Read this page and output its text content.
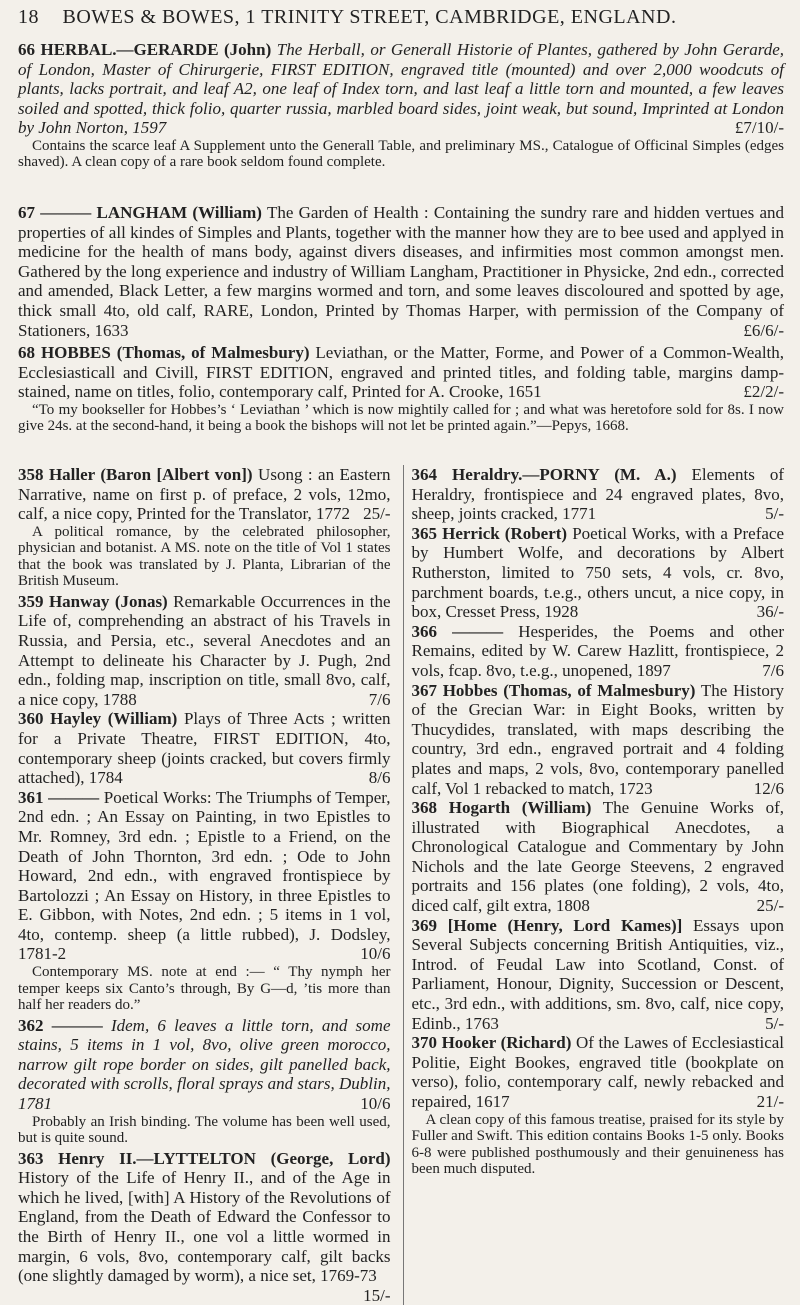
18 BOWES & BOWES, 1 TRINITY STREET, CAMBRIDGE, ENGLAND.

66 HERBAL.—GERARDE (John) The Herball, or Generall Historie of Plantes, gathered by John Gerarde, of London, Master of Chirurgerie, FIRST EDITION, engraved title (mounted) and over 2,000 woodcuts of plants, lacks portrait, and leaf A2, one leaf of Index torn, and last leaf a little torn and mounted, a few leaves soiled and spotted, thick folio, quarter russia, marbled board sides, joint weak, but sound, Imprinted at London by John Norton, 1597	£7/10/-

Contains the scarce leaf A Supplement unto the Generall Table, and preliminary MS., Catalogue of Officinal Simples (edges shaved). A clean copy of a rare book seldom found complete.

67 ——— LANGHAM (William) The Garden of Health : Containing the sundry rare and hidden vertues and properties of all kindes of Simples and Plants, together with the manner how they are to bee used and applyed in medicine for the health of mans body, against divers diseases, and infirmities most common amongst men. Gathered by the long experience and industry of William Langham, Practitioner in Physicke, 2nd edn., corrected and amended, Black Letter, a few margins wormed and torn, and some leaves discoloured and spotted by age, thick small 4to, old calf, RARE, London, Printed by Thomas Harper, with permission of the Company of Stationers, 1633	£6/6/-

68 HOBBES (Thomas, of Malmesbury) Leviathan, or the Matter, Forme, and Power of a Common-Wealth, Ecclesiasticall and Civill, FIRST EDITION, engraved and printed titles, and folding table, margins damp-stained, name on titles, folio, contemporary calf, Printed for A. Crooke, 1651	£2/2/-

“To my bookseller for Hobbes’s ‘ Leviathan ’ which is now mightily called for ; and what was heretofore sold for 8s. I now give 24s. at the second-hand, it being a book the bishops will not let be printed again.”—Pepys, 1668.

358 Haller (Baron [Albert von]) Usong : an Eastern Narrative, name on first p. of preface, 2 vols, 12mo, calf, a nice copy, Printed for the Translator, 1772 25/-

A political romance, by the celebrated philosopher, physician and botanist. A MS. note on the title of Vol 1 states that the book was translated by J. Planta, Librarian of the British Museum.

359 Hanway (Jonas) Remarkable Occurrences in the Life of, comprehending an abstract of his Travels in Russia, and Persia, etc., several Anecdotes and an Attempt to delineate his Character by J. Pugh, 2nd edn., folding map, inscription on title, small 8vo, calf, a nice copy, 1788	7/6

360 Hayley (William) Plays of Three Acts ; written for a Private Theatre, FIRST EDITION, 4to, contemporary sheep (joints cracked, but covers firmly attached), 1784	8/6

361 ——— Poetical Works: The Triumphs of Temper, 2nd edn. ; An Essay on Painting, in two Epistles to Mr. Romney, 3rd edn. ; Epistle to a Friend, on the Death of John Thornton, 3rd edn. ; Ode to John Howard, 2nd edn., with engraved frontispiece by Bartolozzi ; An Essay on History, in three Epistles to E. Gibbon, with Notes, 2nd edn. ; 5 items in 1 vol, 4to, contemp. sheep (a little rubbed), J. Dodsley, 1781-2	10/6

Contemporary MS. note at end :— “ Thy nymph her temper keeps six Canto’s through, By G—d, ’tis more than half her readers do.”

362 ——— Idem, 6 leaves a little torn, and some stains, 5 items in 1 vol, 8vo, olive green morocco, narrow gilt rope border on sides, gilt panelled back, decorated with scrolls, floral sprays and stars, Dublin, 1781	10/6

Probably an Irish binding. The volume has been well used, but is quite sound.

363 Henry II.—LYTTELTON (George, Lord) History of the Life of Henry II., and of the Age in which he lived, [with] A History of the Revolutions of England, from the Death of Edward the Confessor to the Birth of Henry II., one vol a little wormed in margin, 6 vols, 8vo, contemporary calf, gilt backs (one slightly damaged by worm), a nice set, 1769-73
15/-

364 Heraldry.—PORNY (M. A.) Elements of Heraldry, frontispiece and 24 engraved plates, 8vo, sheep, joints cracked, 1771	5/-

365 Herrick (Robert) Poetical Works, with a Preface by Humbert Wolfe, and decorations by Albert Rutherston, limited to 750 sets, 4 vols, cr. 8vo, parchment boards, t.e.g., others uncut, a nice copy, in box, Cresset Press, 1928	36/-

366 ——— Hesperides, the Poems and other Remains, edited by W. Carew Hazlitt, frontispiece, 2 vols, fcap. 8vo, t.e.g., unopened, 1897	7/6

367 Hobbes (Thomas, of Malmesbury) The History of the Grecian War: in Eight Books, written by Thucydides, translated, with maps describing the country, 3rd edn., engraved portrait and 4 folding plates and maps, 2 vols, 8vo, contemporary panelled calf, Vol 1 rebacked to match, 1723	12/6

368 Hogarth (William) The Genuine Works of, illustrated with Biographical Anecdotes, a Chronological Catalogue and Commentary by John Nichols and the late George Steevens, 2 engraved portraits and 156 plates (one folding), 2 vols, 4to, diced calf, gilt extra, 1808	25/-

369 [Home (Henry, Lord Kames)] Essays upon Several Subjects concerning British Antiquities, viz., Introd. of Feudal Law into Scotland, Const. of Parliament, Honour, Dignity, Succession or Descent, etc., 3rd edn., with additions, sm. 8vo, calf, nice copy, Edinb., 1763	5/-

370 Hooker (Richard) Of the Lawes of Ecclesiastical Politie, Eight Bookes, engraved title (bookplate on verso), folio, contemporary calf, newly rebacked and repaired, 1617	21/-

A clean copy of this famous treatise, praised for its style by Fuller and Swift. This edition contains Books 1-5 only. Books 6-8 were published posthumously and their genuineness has been much disputed.
